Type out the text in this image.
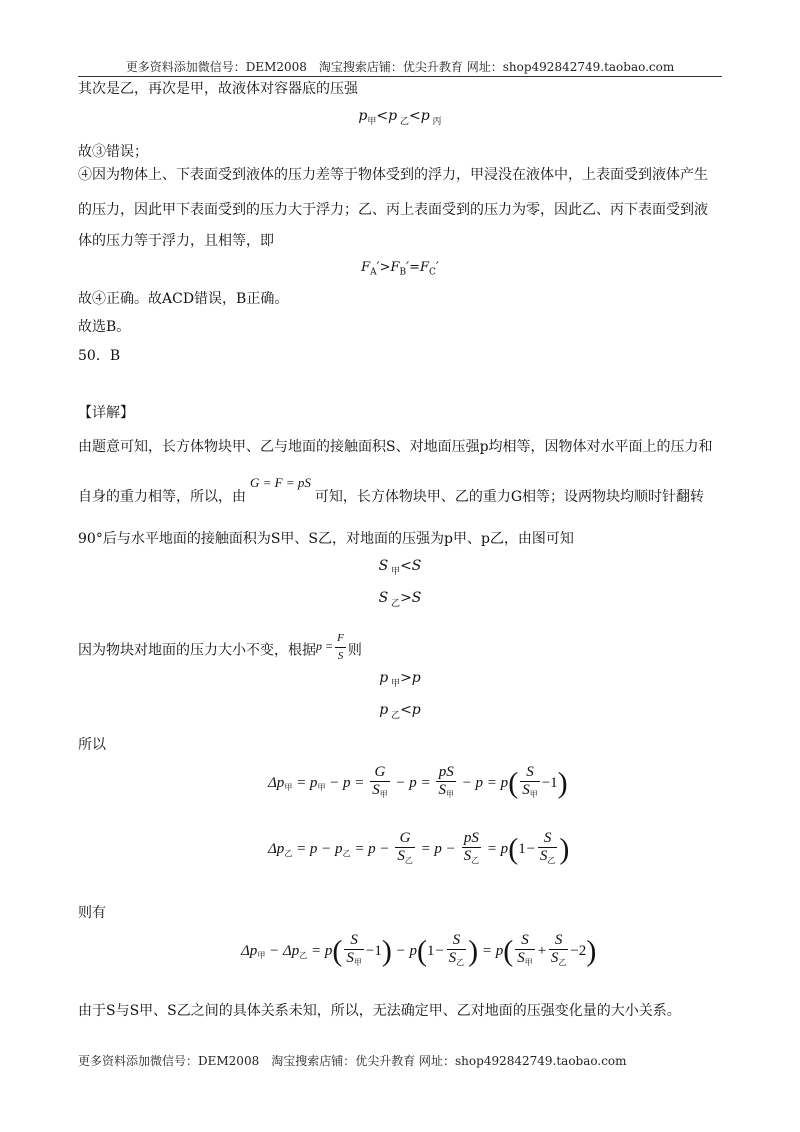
更多资料添加微信号：DEM2008　淘宝搜索店铺：优尖升教育 网址：shop492842749.taobao.com
其次是乙，再次是甲，故液体对容器底的压强
$p_甲<p$ $_乙$<p $_丙$
故③错误；
④因为物体上、下表面受到液体的压力差等于物体受到的浮力，甲浸没在液体中，上表面受到液体产生
的压力，因此甲下表面受到的压力大于浮力；乙、丙上表面受到的压力为零，因此乙、丙下表面受到液
体的压力等于浮力，且相等，即
$F_A'>F_B'=F_C'$
故④正确。故ACD错误，B正确。
故选B。
50．B
【详解】
由题意可知，长方体物块甲、乙与地面的接触面积S、对地面压强p均相等，因物体对水平面上的压力和
自身的重力相等，所以，由G = F = pS可知，长方体物块甲、乙的重力G相等；设两物块均顺时针翻转
90°后与水平地面的接触面积为S甲、S乙，对地面的压强为p甲、p乙，由图可知
S $_甲$<S
S $_乙$>S
因为物块对地面的压力大小不变，根据$p = \frac{F}{S}$ 则
p $_甲$>p
p $_乙$<p
所以
$\Delta p_甲 = p_甲 - p = \frac{G}{S_甲} - p = \frac{pS}{S_甲} - p = p( \frac{S}{S_甲} -1)$
$\Delta p_乙 = p - p_乙 = p - \frac{G}{S_乙} = p - \frac{pS}{S_乙} = p(1- \frac{S}{S_乙}$ )
则有
$\Delta p_甲 - \Delta p_乙 = p( \frac{S}{S_甲} -1) - p(1- \frac{S}{S_乙}$ ) = $p( \frac{S}{S_甲} + \frac{S}{S_乙} -2)$
由于S与S甲、S乙之间的具体关系未知，所以，无法确定甲、乙对地面的压强变化量的大小关系。
更多资料添加微信号：DEM2008　淘宝搜索店铺：优尖升教育 网址：shop492842749.taobao.com
